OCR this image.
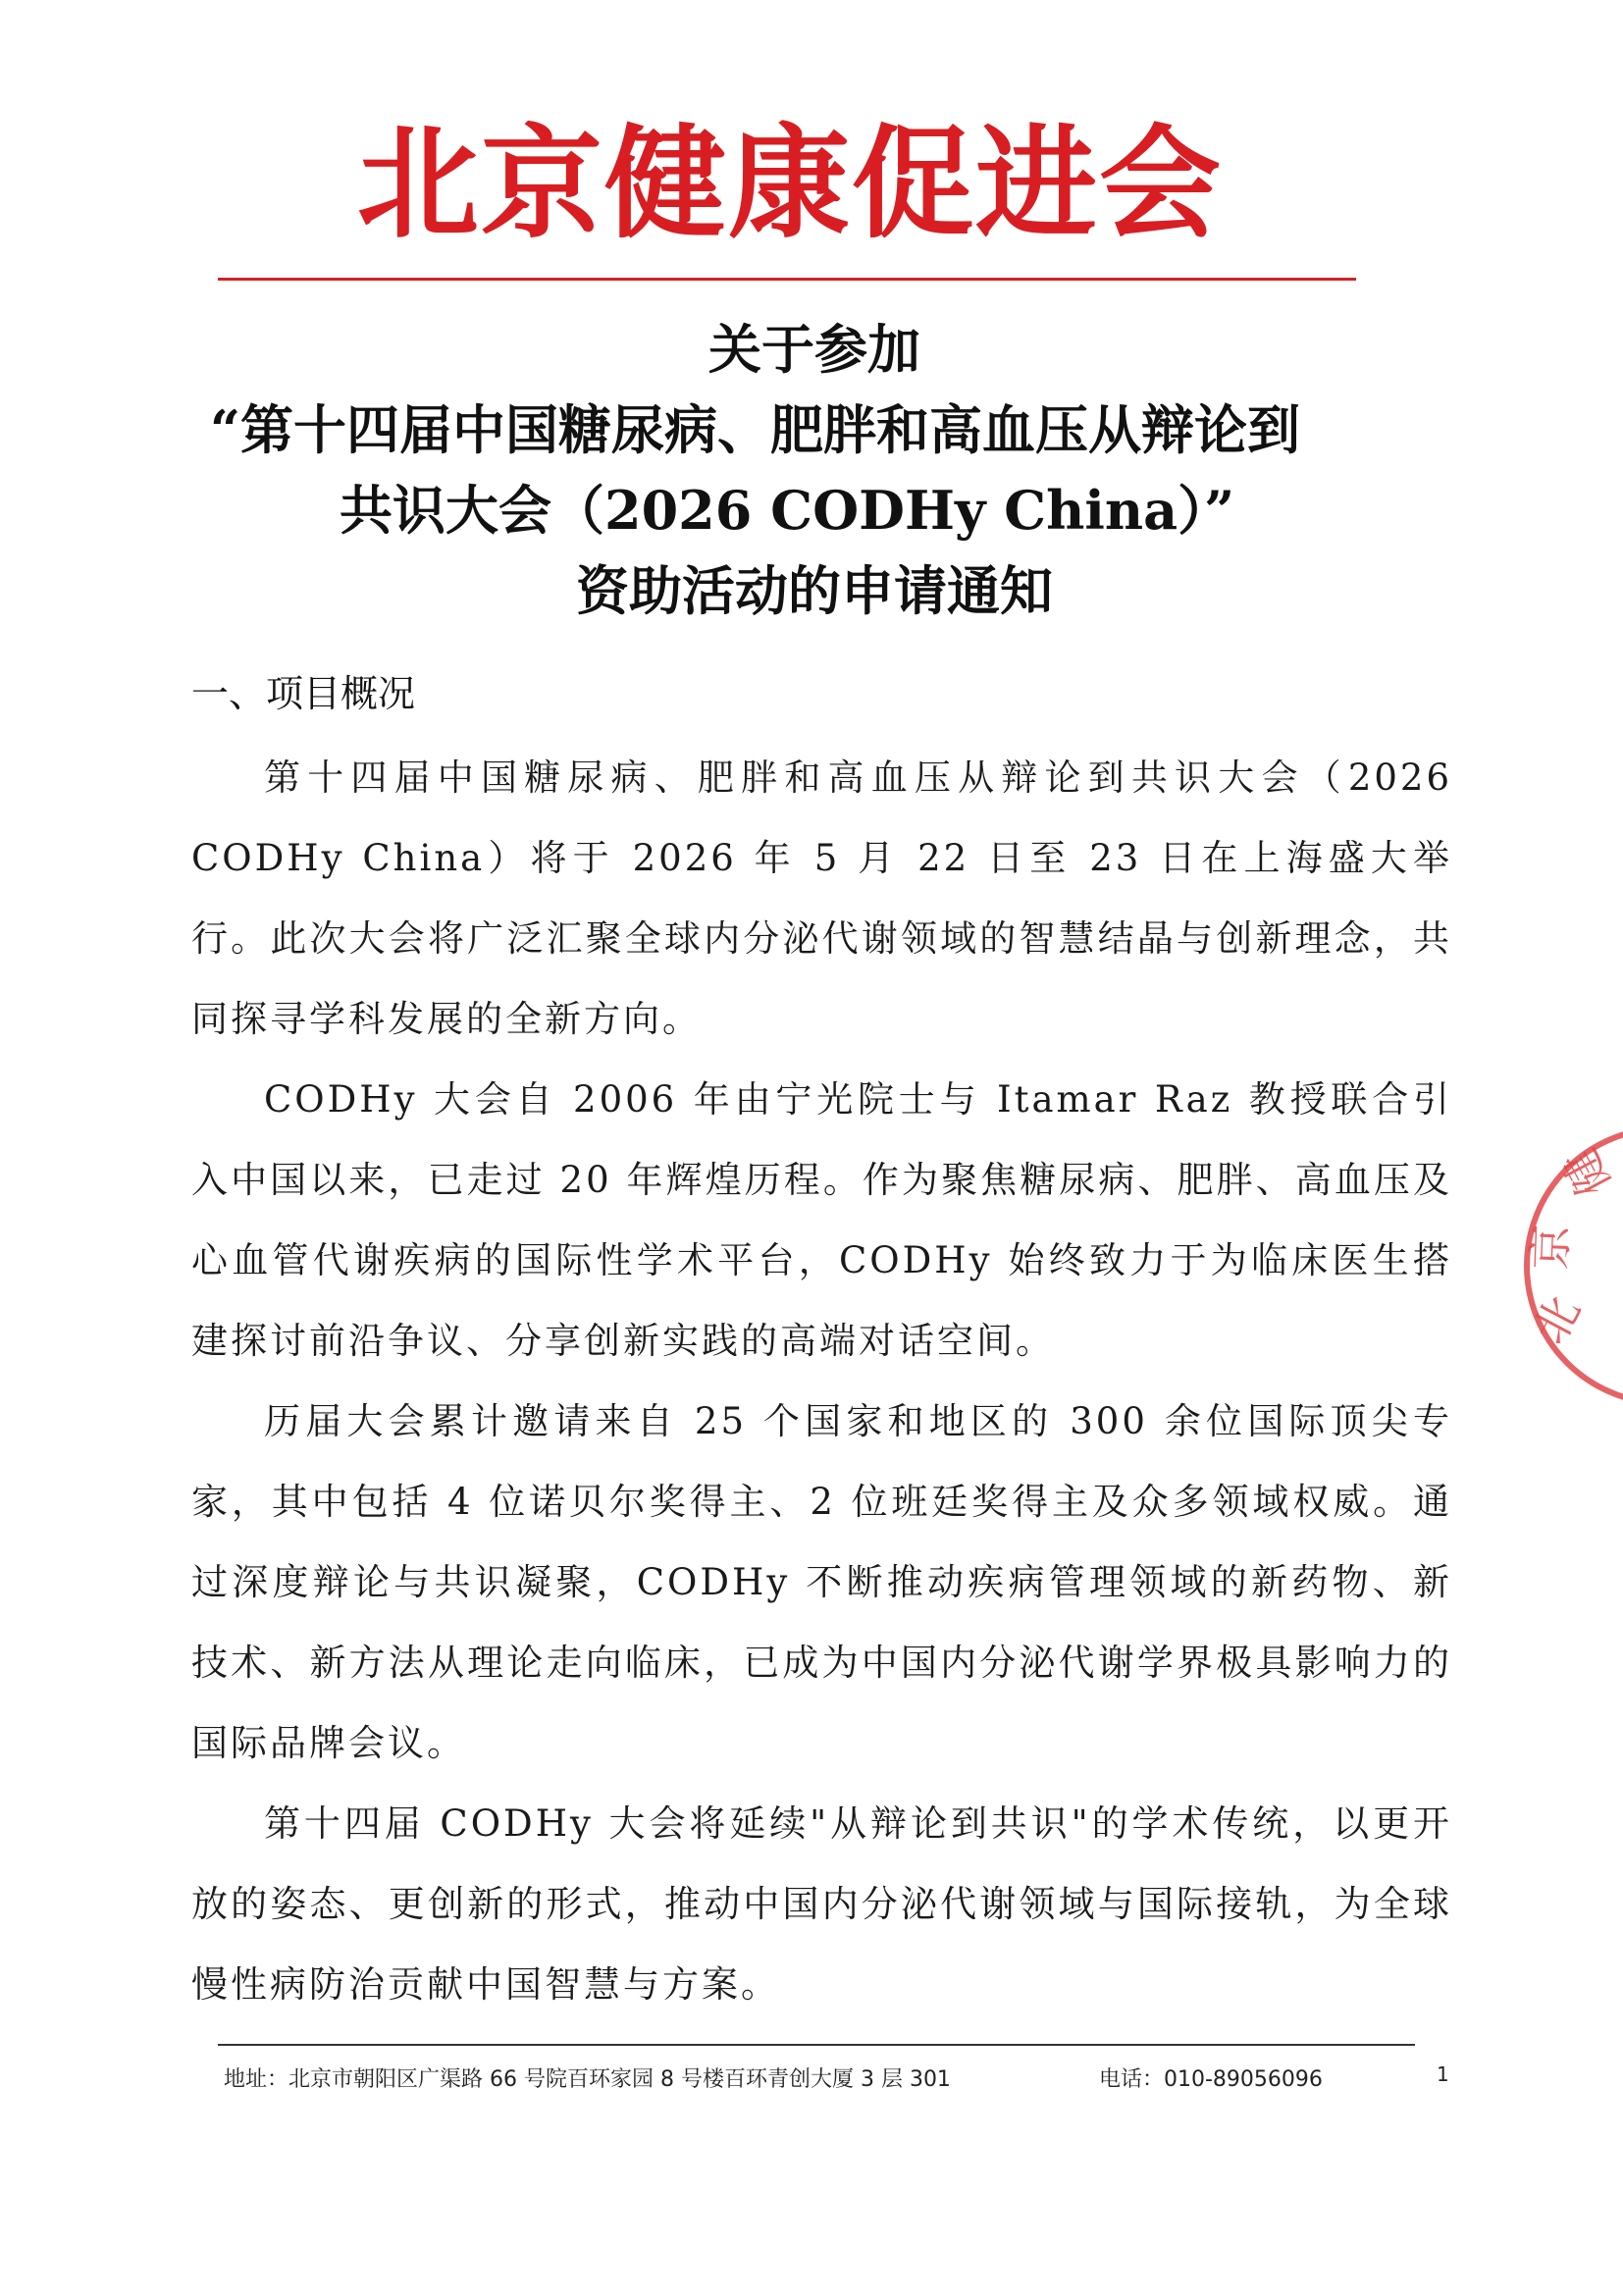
北京健康促进会
关于参加
“第十四届中国糖尿病、肥胖和高血压从辩论到
共识大会（2026 CODHy China）”
资助活动的申请通知
一、项目概况

第十四届中国糖尿病、肥胖和高血压从辩论到共识大会（2026 CODHy China）将于 2026 年 5 月 22 日至 23 日在上海盛大举行。此次大会将广泛汇聚全球内分泌代谢领域的智慧结晶与创新理念，共同探寻学科发展的全新方向。

CODHy 大会自 2006 年由宁光院士与 Itamar Raz 教授联合引入中国以来，已走过 20 年辉煌历程。作为聚焦糖尿病、肥胖、高血压及心血管代谢疾病的国际性学术平台，CODHy 始终致力于为临床医生搭建探讨前沿争议、分享创新实践的高端对话空间。

历届大会累计邀请来自 25 个国家和地区的 300 余位国际顶尖专家，其中包括 4 位诺贝尔奖得主、2 位班廷奖得主及众多领域权威。通过深度辩论与共识凝聚，CODHy 不断推动疾病管理领域的新药物、新技术、新方法从理论走向临床，已成为中国内分泌代谢学界极具影响力的国际品牌会议。

第十四届 CODHy 大会将延续"从辩论到共识"的学术传统，以更开放的姿态、更创新的形式，推动中国内分泌代谢领域与国际接轨，为全球慢性病防治贡献中国智慧与方案。

北
京
健
地址：北京市朝阳区广渠路 66 号院百环家园 8 号楼百环青创大厦 3 层 301	电话：010-89056096	1
